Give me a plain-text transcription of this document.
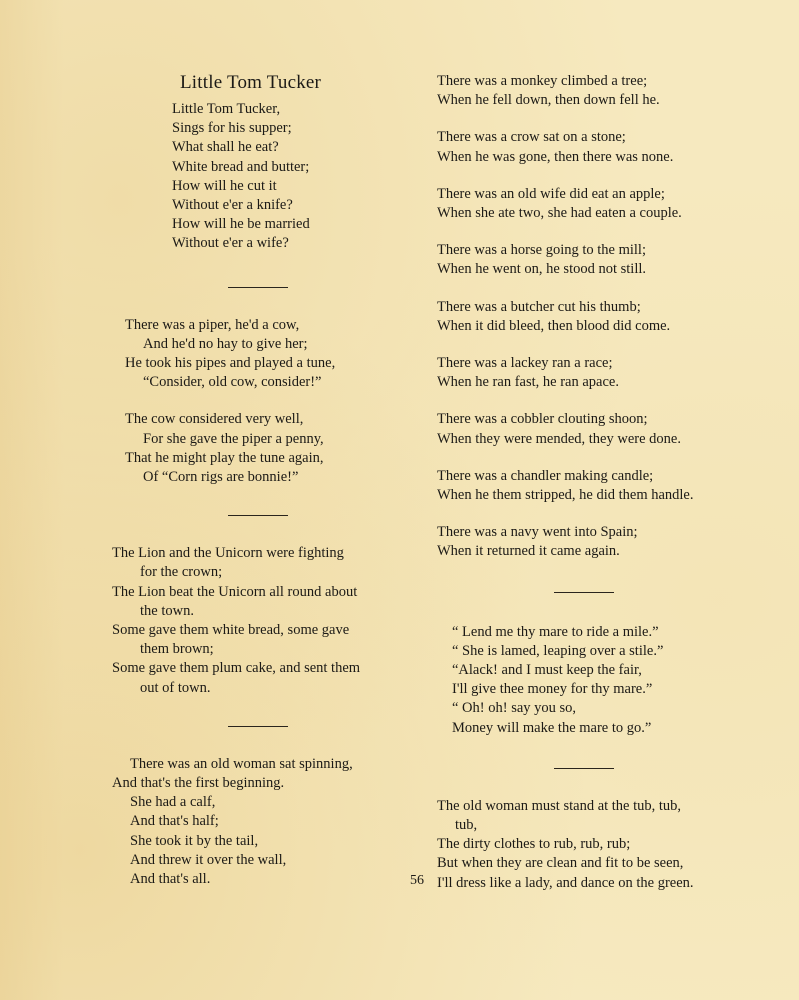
Little Tom Tucker
Little Tom Tucker,
Sings for his supper;
What shall he eat?
White bread and butter;
How will he cut it
Without e'er a knife?
How will he be married
Without e'er a wife?
There was a piper, he'd a cow,
And he'd no hay to give her;
He took his pipes and played a tune,
“Consider, old cow, consider!”
The cow considered very well,
For she gave the piper a penny,
That he might play the tune again,
Of “Corn rigs are bonnie!”
The Lion and the Unicorn were fighting
for the crown;
The Lion beat the Unicorn all round about
the town.
Some gave them white bread, some gave
them brown;
Some gave them plum cake, and sent them
out of town.
There was an old woman sat spinning,
And that's the first beginning.
She had a calf,
And that's half;
She took it by the tail,
And threw it over the wall,
And that's all.
There was a monkey climbed a tree;
When he fell down, then down fell he.
There was a crow sat on a stone;
When he was gone, then there was none.
There was an old wife did eat an apple;
When she ate two, she had eaten a couple.
There was a horse going to the mill;
When he went on, he stood not still.
There was a butcher cut his thumb;
When it did bleed, then blood did come.
There was a lackey ran a race;
When he ran fast, he ran apace.
There was a cobbler clouting shoon;
When they were mended, they were done.
There was a chandler making candle;
When he them stripped, he did them handle.
There was a navy went into Spain;
When it returned it came again.
“ Lend me thy mare to ride a mile.”
“ She is lamed, leaping over a stile.”
“Alack! and I must keep the fair,
I'll give thee money for thy mare.”
“ Oh! oh! say you so,
Money will make the mare to go.”
The old woman must stand at the tub, tub,
tub,
The dirty clothes to rub, rub, rub;
But when they are clean and fit to be seen,
I'll dress like a lady, and dance on the green.
56
